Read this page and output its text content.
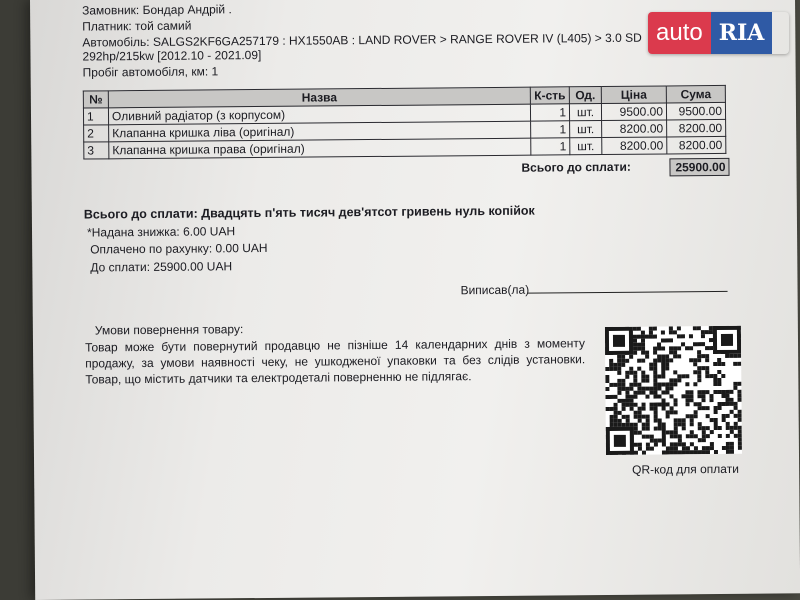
Замовник: Бондар Андрій .
Платник: той самий
Автомобіль: SALGS2KF6GA257179 : HX1550AB : LAND ROVER > RANGE ROVER IV (L405) > 3.0 SD
292hp/215kw [2012.10 - 2021.09]
Пробіг автомобіля, км: 1
№	Назва	К-сть	Од.	Ціна	Сума
1	Оливний радіатор (з корпусом)	1	шт.	9500.00	9500.00
2	Клапанна кришка ліва (оригінал)	1	шт.	8200.00	8200.00
3	Клапанна кришка права (оригінал)	1	шт.	8200.00	8200.00
Всього до сплати:	25900.00
Всього до сплати: Двадцять п'ять тисяч дев'ятсот гривень нуль копійок
*Надана знижка: 6.00 UAH
Оплачено по рахунку: 0.00 UAH
До сплати: 25900.00 UAH
Виписав(ла)
Умови повернення товару:
Товар може бути повернутий продавцю не пізніше 14 календарних днів з моменту продажу, за умови наявності чеку, не ушкодженої упаковки та без слідів установки. Товар, що містить датчики та електродеталі поверненню не підлягає.
QR-код для оплати
auto RIA
